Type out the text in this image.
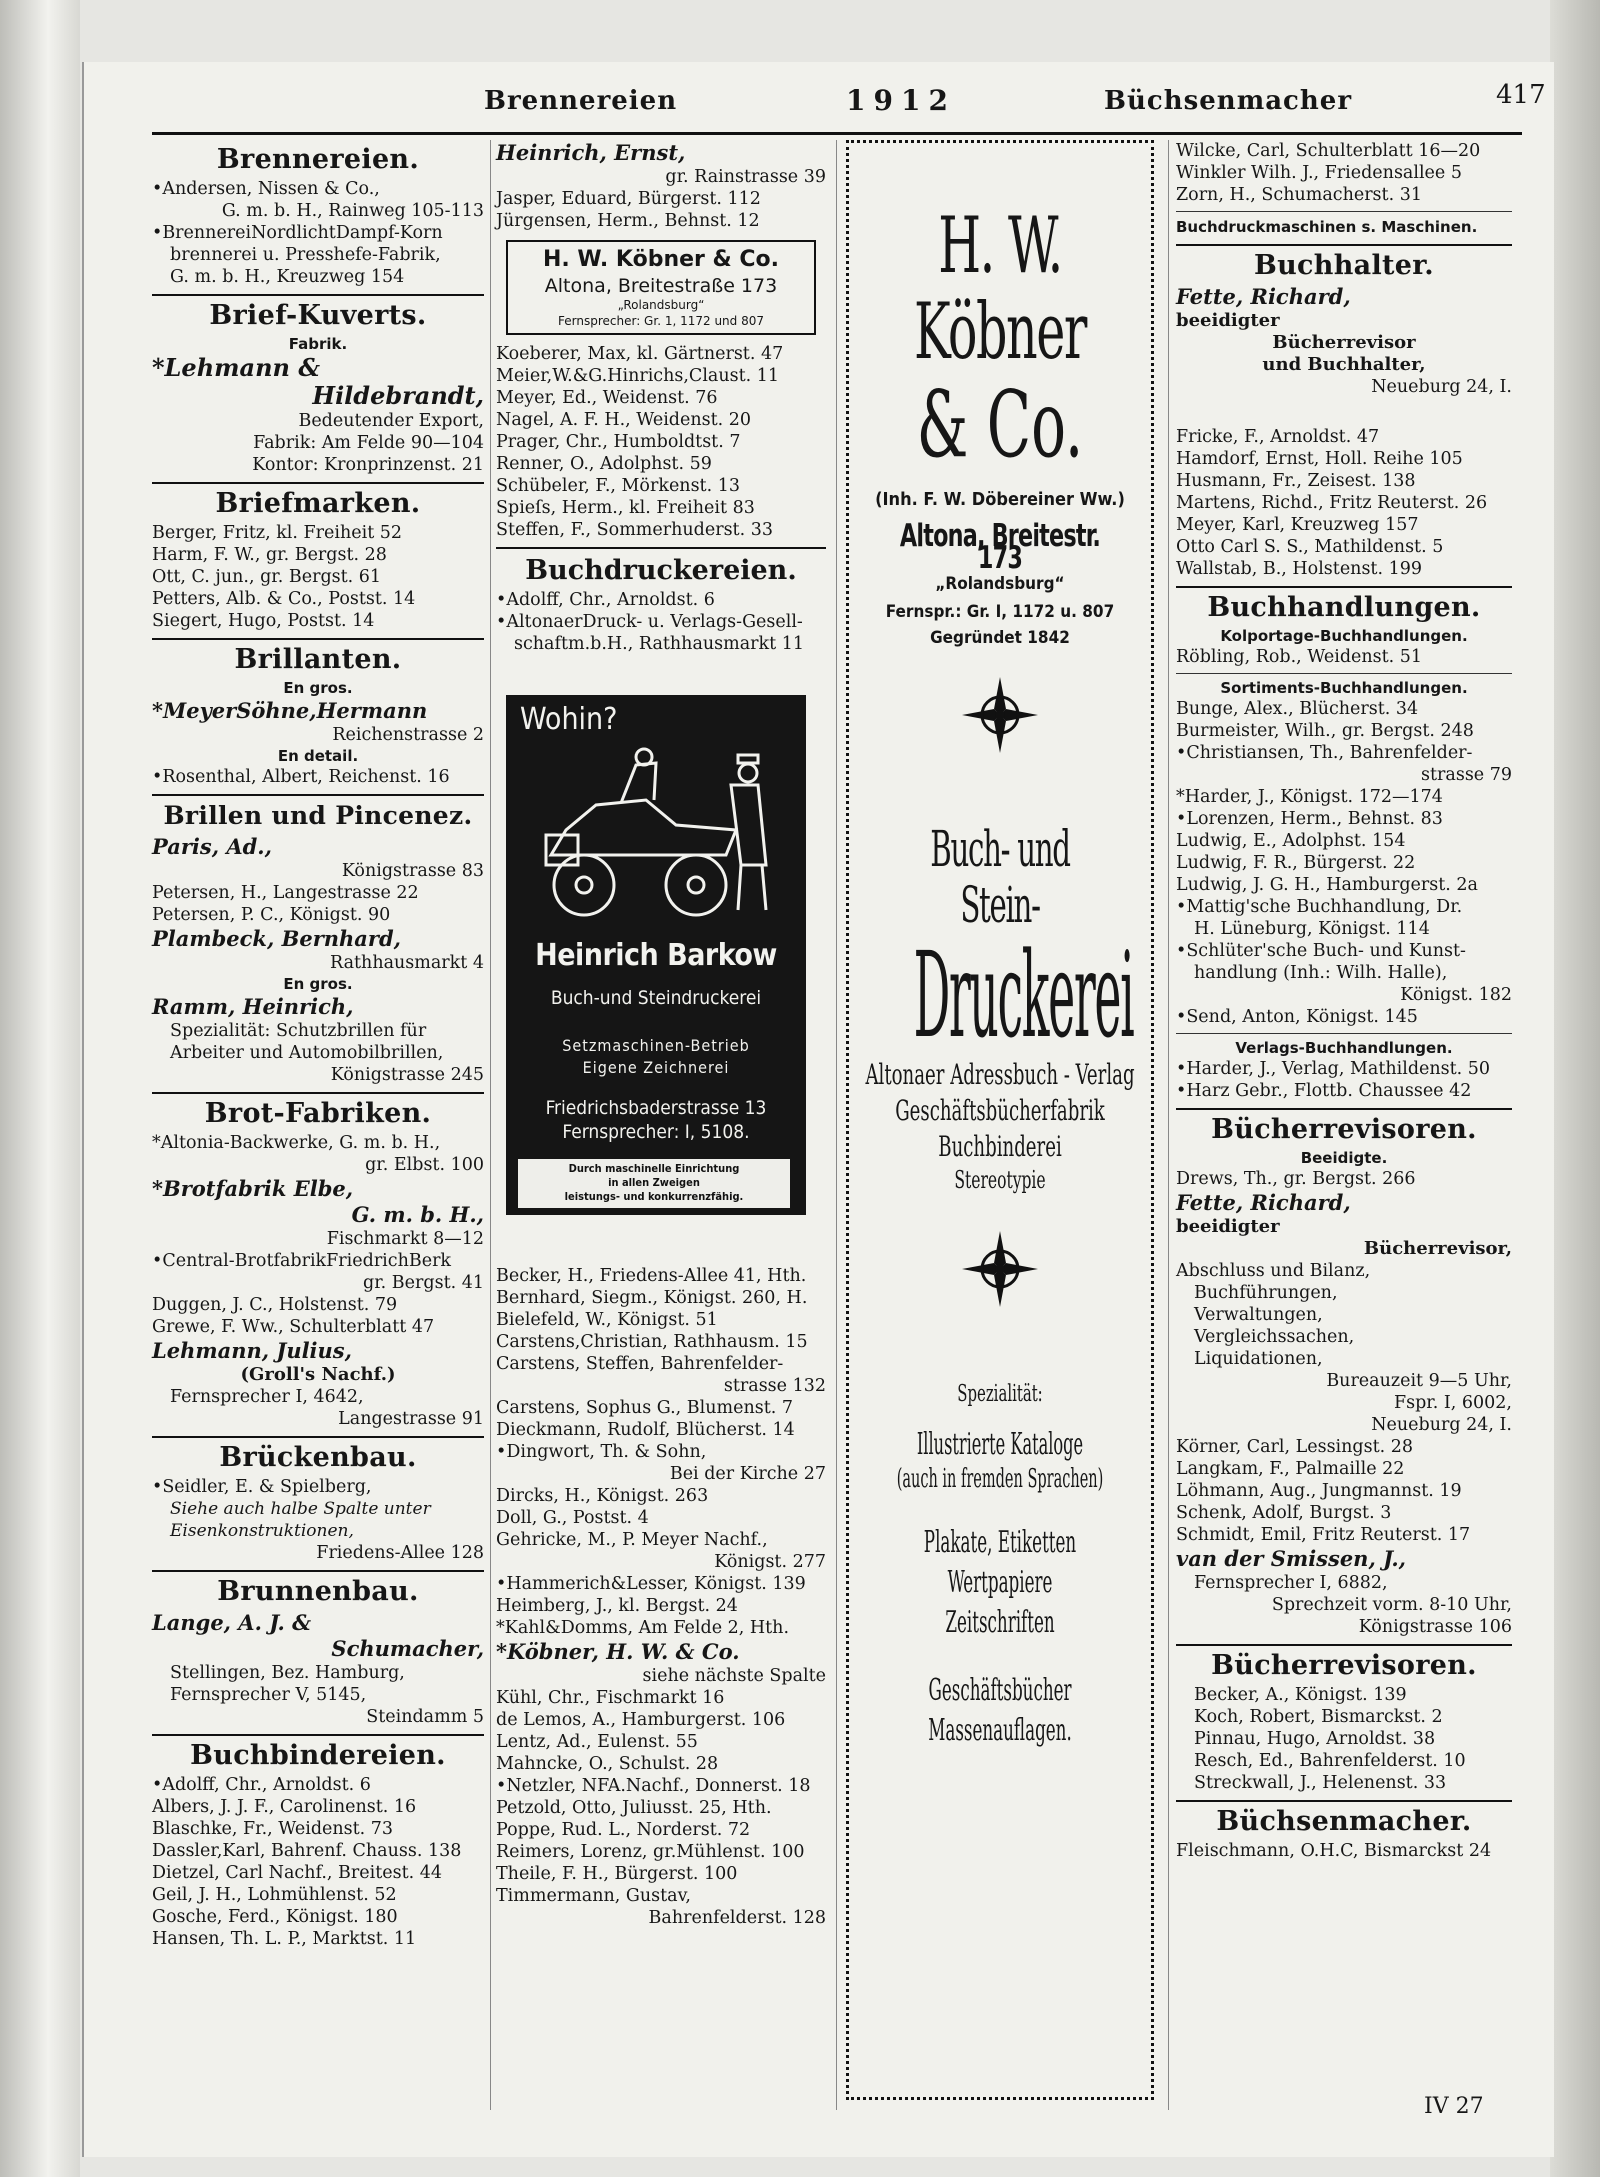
Brennereien	1912	Büchsenmacher	417
Brennereien.
•Andersen, Nissen & Co.,
G. m. b. H., Rainweg 105-113
•BrennereiNordlichtDampf-Korn
brennerei u. Presshefe-Fabrik,
G. m. b. H., Kreuzweg 154
Brief-Kuverts.
Fabrik.
*Lehmann &
Hildebrandt,
Bedeutender Export,
Fabrik: Am Felde 90—104
Kontor: Kronprinzenst. 21
Briefmarken.
Berger, Fritz, kl. Freiheit 52
Harm, F. W., gr. Bergst. 28
Ott, C. jun., gr. Bergst. 61
Petters, Alb. & Co., Postst. 14
Siegert, Hugo, Postst. 14
Brillanten.
En gros.
*MeyerSöhne,Hermann
Reichenstrasse 2
En detail.
•Rosenthal, Albert, Reichenst. 16
Brillen und Pincenez.
Paris, Ad.,
Königstrasse 83
Petersen, H., Langestrasse 22
Petersen, P. C., Königst. 90
Plambeck, Bernhard,
Rathhausmarkt 4
En gros.
Ramm, Heinrich,
Spezialität: Schutzbrillen für
Arbeiter und Automobilbrillen,
Königstrasse 245
Brot-Fabriken.
*Altonia-Backwerke, G. m. b. H.,
gr. Elbst. 100
*Brotfabrik Elbe,
G. m. b. H.,
Fischmarkt 8—12
•Central-BrotfabrikFriedrichBerk
gr. Bergst. 41
Duggen, J. C., Holstenst. 79
Grewe, F. Ww., Schulterblatt 47
Lehmann, Julius,
(Groll's Nachf.)
Fernsprecher I, 4642,
Langestrasse 91
Brückenbau.
•Seidler, E. & Spielberg,
Siehe auch halbe Spalte unter
Eisenkonstruktionen,
Friedens-Allee 128
Brunnenbau.
Lange, A. J. &
Schumacher,
Stellingen, Bez. Hamburg,
Fernsprecher V, 5145,
Steindamm 5
Buchbindereien.
•Adolff, Chr., Arnoldst. 6
Albers, J. J. F., Carolinenst. 16
Blaschke, Fr., Weidenst. 73
Dassler,Karl, Bahrenf. Chauss. 138
Dietzel, Carl Nachf., Breitest. 44
Geil, J. H., Lohmühlenst. 52
Gosche, Ferd., Königst. 180
Hansen, Th. L. P., Marktst. 11
Heinrich, Ernst,
gr. Rainstrasse 39
Jasper, Eduard, Bürgerst. 112
Jürgensen, Herm., Behnst. 12
H. W. Köbner & Co.
Altona, Breitestraße 173
„Rolandsburg“
Fernsprecher: Gr. 1, 1172 und 807
Koeberer, Max, kl. Gärtnerst. 47
Meier,W.&G.Hinrichs,Claust. 11
Meyer, Ed., Weidenst. 76
Nagel, A. F. H., Weidenst. 20
Prager, Chr., Humboldtst. 7
Renner, O., Adolphst. 59
Schübeler, F., Mörkenst. 13
Spieſs, Herm., kl. Freiheit 83
Steffen, F., Sommerhuderst. 33
Buchdruckereien.
•Adolff, Chr., Arnoldst. 6
•AltonaerDruck- u. Verlags-Gesell-
schaftm.b.H., Rathhausmarkt 11
Wohin?
Heinrich Barkow
Buch-und Steindruckerei
Setzmaschinen-Betrieb
Eigene Zeichnerei
Friedrichsbaderstrasse 13
Fernsprecher: I, 5108.
Durch maschinelle Einrichtung
in allen Zweigen
leistungs- und konkurrenzfähig.
Becker, H., Friedens-Allee 41, Hth.
Bernhard, Siegm., Königst. 260, H.
Bielefeld, W., Königst. 51
Carstens,Christian, Rathhausm. 15
Carstens, Steffen, Bahrenfelder-
strasse 132
Carstens, Sophus G., Blumenst. 7
Dieckmann, Rudolf, Blücherst. 14
•Dingwort, Th. & Sohn,
Bei der Kirche 27
Dircks, H., Königst. 263
Doll, G., Postst. 4
Gehricke, M., P. Meyer Nachf.,
Königst. 277
•Hammerich&Lesser, Königst. 139
Heimberg, J., kl. Bergst. 24
*Kahl&Domms, Am Felde 2, Hth.
*Köbner, H. W. & Co.
siehe nächste Spalte
Kühl, Chr., Fischmarkt 16
de Lemos, A., Hamburgerst. 106
Lentz, Ad., Eulenst. 55
Mahncke, O., Schulst. 28
•Netzler, NFA.Nachf., Donnerst. 18
Petzold, Otto, Juliusst. 25, Hth.
Poppe, Rud. L., Norderst. 72
Reimers, Lorenz, gr.Mühlenst. 100
Theile, F. H., Bürgerst. 100
Timmermann, Gustav,
Bahrenfelderst. 128
H. W. Köbner
& Co.
(Inh. F. W. Döbereiner Ww.)
Altona, Breitestr. 173
„Rolandsburg“
Fernspr.: Gr. I, 1172 u. 807
Gegründet 1842
Buch- und Stein-
Druckerei
Altonaer Adressbuch - Verlag
Geschäftsbücherfabrik
Buchbinderei
Stereotypie
Spezialität:
Illustrierte Kataloge
(auch in fremden Sprachen)
Plakate, Etiketten
Wertpapiere
Zeitschriften
Geschäftsbücher
Massenauflagen.
Wilcke, Carl, Schulterblatt 16—20
Winkler Wilh. J., Friedensallee 5
Zorn, H., Schumacherst. 31
Buchdruckmaschinen s. Maschinen.
Buchhalter.
Fette, Richard,
beeidigter
Bücherrevisor
und Buchhalter,
Neueburg 24, I.
Fricke, F., Arnoldst. 47
Hamdorf, Ernst, Holl. Reihe 105
Husmann, Fr., Zeisest. 138
Martens, Richd., Fritz Reuterst. 26
Meyer, Karl, Kreuzweg 157
Otto Carl S. S., Mathildenst. 5
Wallstab, B., Holstenst. 199
Buchhandlungen.
Kolportage-Buchhandlungen.
Röbling, Rob., Weidenst. 51
Sortiments-Buchhandlungen.
Bunge, Alex., Blücherst. 34
Burmeister, Wilh., gr. Bergst. 248
•Christiansen, Th., Bahrenfelder-
strasse 79
*Harder, J., Königst. 172—174
•Lorenzen, Herm., Behnst. 83
Ludwig, E., Adolphst. 154
Ludwig, F. R., Bürgerst. 22
Ludwig, J. G. H., Hamburgerst. 2a
•Mattig'sche Buchhandlung, Dr.
H. Lüneburg, Königst. 114
•Schlüter'sche Buch- und Kunst-
handlung (Inh.: Wilh. Halle),
Königst. 182
•Send, Anton, Königst. 145
Verlags-Buchhandlungen.
•Harder, J., Verlag, Mathildenst. 50
•Harz Gebr., Flottb. Chaussee 42
Bücherrevisoren.
Beeidigte.
Drews, Th., gr. Bergst. 266
Fette, Richard,
beeidigter
Bücherrevisor,
Abschluss und Bilanz,
Buchführungen,
Verwaltungen,
Vergleichssachen,
Liquidationen,
Bureauzeit 9—5 Uhr,
Fspr. I, 6002,
Neueburg 24, I.
Körner, Carl, Lessingst. 28
Langkam, F., Palmaille 22
Löhmann, Aug., Jungmannst. 19
Schenk, Adolf, Burgst. 3
Schmidt, Emil, Fritz Reuterst. 17
van der Smissen, J.,
Fernsprecher I, 6882,
Sprechzeit vorm. 8-10 Uhr,
Königstrasse 106
Bücherrevisoren.
Becker, A., Königst. 139
Koch, Robert, Bismarckst. 2
Pinnau, Hugo, Arnoldst. 38
Resch, Ed., Bahrenfelderst. 10
Streckwall, J., Helenenst. 33
Büchsenmacher.
Fleischmann, O.H.C, Bismarckst 24
IV 27
